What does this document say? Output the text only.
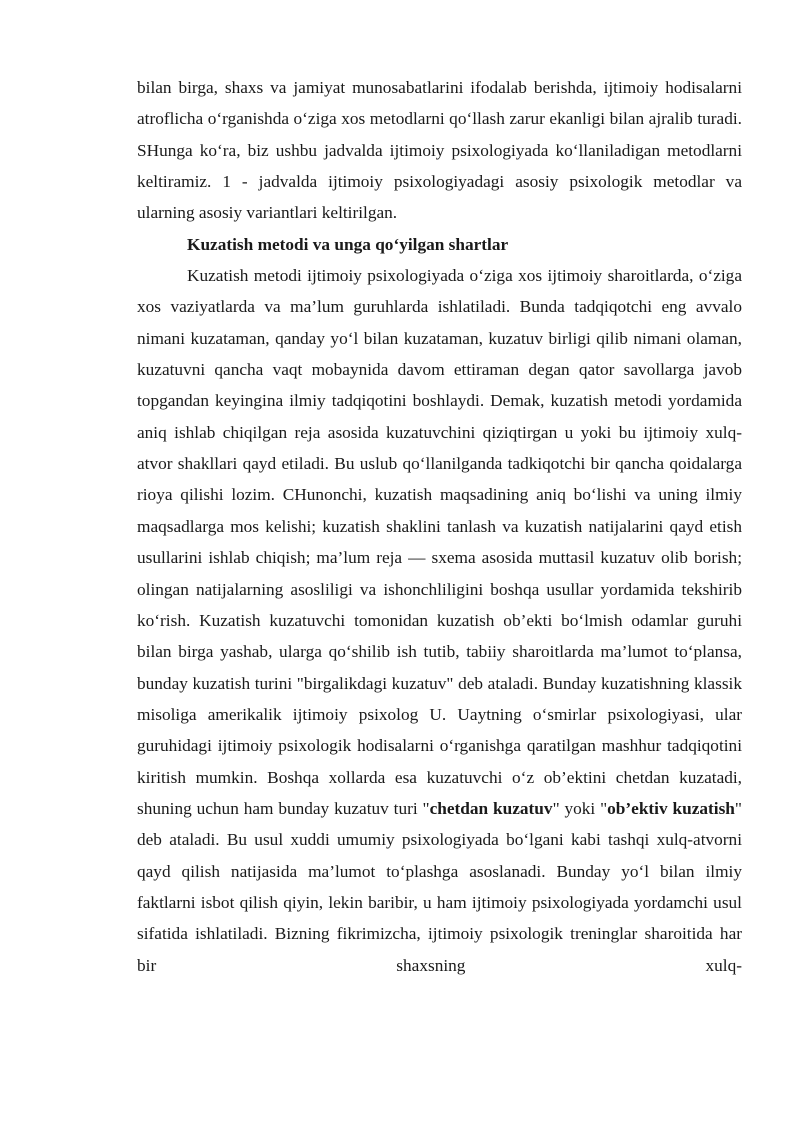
bilan birga, shaxs va jamiyat munosabatlarini ifodalab berishda, ijtimoiy hodisalarni atroflicha o‘rganishda o‘ziga xos metodlarni qo‘llash zarur ekanligi bilan ajralib turadi. SHunga ko‘ra, biz ushbu jadvalda ijtimoiy psixologiyada ko‘llaniladigan metodlarni keltiramiz. 1 - jadvalda ijtimoiy psixologiyadagi asosiy psixologik metodlar va ularning asosiy variantlari keltirilgan.

Kuzatish metodi va unga qo‘yilgan shartlar

Kuzatish metodi ijtimoiy psixologiyada o‘ziga xos ijtimoiy sharoitlarda, o‘ziga xos vaziyatlarda va ma’lum guruhlarda ishlatiladi. Bunda tadqiqotchi eng avvalo nimani kuzataman, qanday yo‘l bilan kuzataman, kuzatuv birligi qilib nimani olaman, kuzatuvni qancha vaqt mobaynida davom ettiraman degan qator savollarga javob topgandan keyingina ilmiy tadqiqotini boshlaydi. Demak, kuzatish metodi yordamida aniq ishlab chiqilgan reja asosida kuzatuvchini qiziqtirgan u yoki bu ijtimoiy xulq-atvor shakllari qayd etiladi. Bu uslub qo‘llanilganda tadkiqotchi bir qancha qoidalarga rioya qilishi lozim. CHunonchi, kuzatish maqsadining aniq bo‘lishi va uning ilmiy maqsadlarga mos kelishi; kuzatish shaklini tanlash va kuzatish natijalarini qayd etish usullarini ishlab chiqish; ma’lum reja — sxema asosida muttasil kuzatuv olib borish; olingan natijalarning asosliligi va ishonchliligini boshqa usullar yordamida tekshirib ko‘rish. Kuzatish kuzatuvchi tomonidan kuzatish ob’ekti bo‘lmish odamlar guruhi bilan birga yashab, ularga qo‘shilib ish tutib, tabiiy sharoitlarda ma’lumot to‘plansa, bunday kuzatish turini "birgalikdagi kuzatuv" deb ataladi. Bunday kuzatishning klassik misoliga amerikalik ijtimoiy psixolog U. Uaytning o‘smirlar psixologiyasi, ular guruhidagi ijtimoiy psixologik hodisalarni o‘rganishga qaratilgan mashhur tadqiqotini kiritish mumkin. Boshqa xollarda esa kuzatuvchi o‘z ob’ektini chetdan kuzatadi, shuning uchun ham bunday kuzatuv turi "chetdan kuzatuv" yoki "ob’ektiv kuzatish" deb ataladi. Bu usul xuddi umumiy psixologiyada bo‘lgani kabi tashqi xulq-atvorni qayd qilish natijasida ma’lumot to‘plashga asoslanadi. Bunday yo‘l bilan ilmiy faktlarni isbot qilish qiyin, lekin baribir, u ham ijtimoiy psixologiyada yordamchi usul sifatida ishlatiladi. Bizning fikrimizcha, ijtimoiy psixologik treninglar sharoitida har bir shaxsning xulq-
